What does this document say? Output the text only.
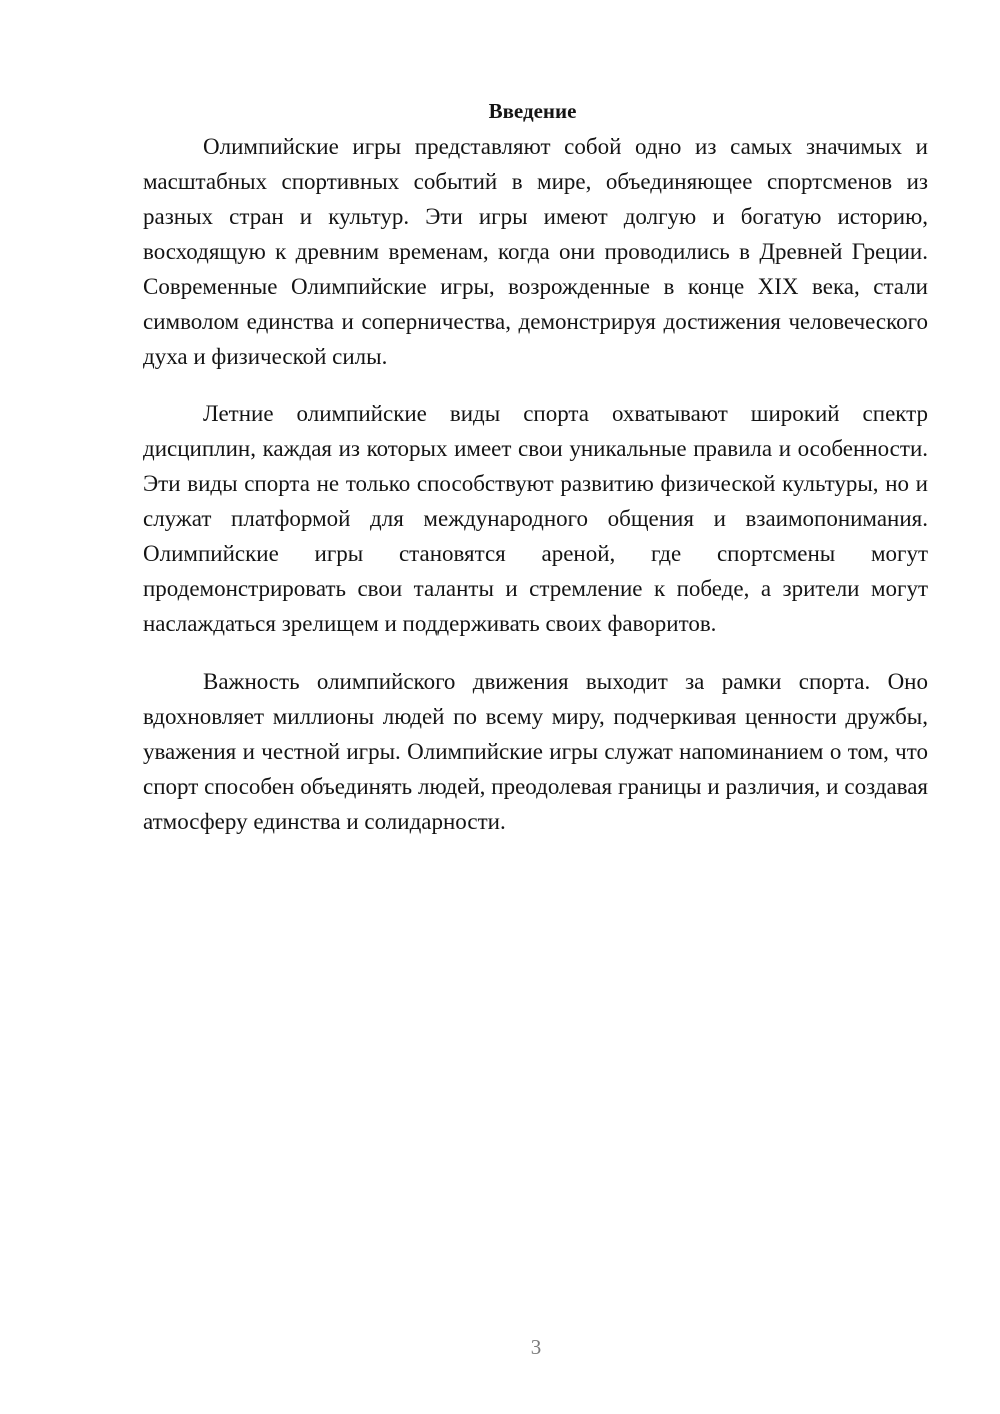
Введение

Олимпийские игры представляют собой одно из самых значимых и масштабных спортивных событий в мире, объединяющее спортсменов из разных стран и культур. Эти игры имеют долгую и богатую историю, восходящую к древним временам, когда они проводились в Древней Греции. Современные Олимпийские игры, возрожденные в конце XIX века, стали символом единства и соперничества, демонстрируя достижения человеческого духа и физической силы.

Летние олимпийские виды спорта охватывают широкий спектр дисциплин, каждая из которых имеет свои уникальные правила и особенности. Эти виды спорта не только способствуют развитию физической культуры, но и служат платформой для международного общения и взаимопонимания. Олимпийские игры становятся ареной, где спортсмены могут продемонстрировать свои таланты и стремление к победе, а зрители могут наслаждаться зрелищем и поддерживать своих фаворитов.

Важность олимпийского движения выходит за рамки спорта. Оно вдохновляет миллионы людей по всему миру, подчеркивая ценности дружбы, уважения и честной игры. Олимпийские игры служат напоминанием о том, что спорт способен объединять людей, преодолевая границы и различия, и создавая атмосферу единства и солидарности.

3
